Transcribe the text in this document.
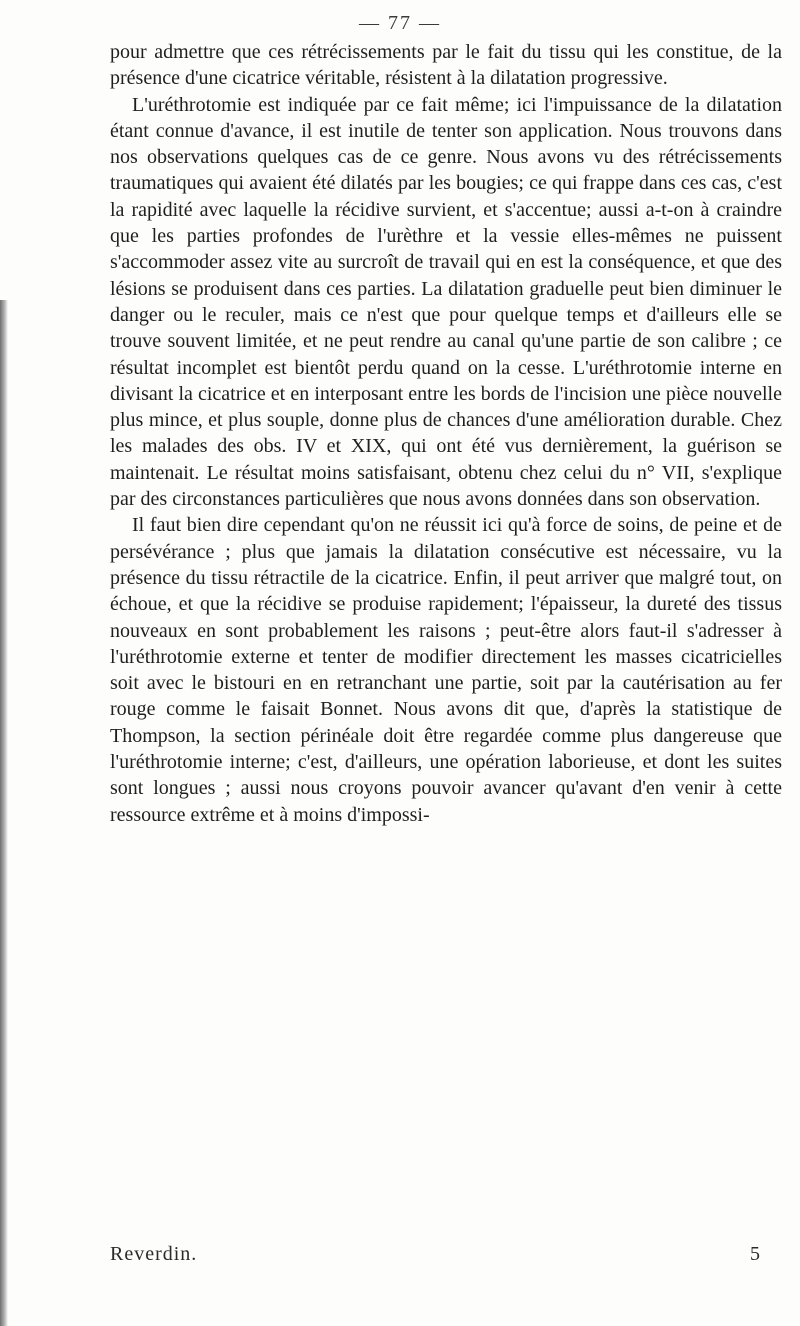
— 77 —

pour admettre que ces rétrécissements par le fait du tissu qui les constitue, de la présence d'une cicatrice véritable, résistent à la dilatation progressive.

L'uréthrotomie est indiquée par ce fait même; ici l'impuissance de la dilatation étant connue d'avance, il est inutile de tenter son application. Nous trouvons dans nos observations quelques cas de ce genre. Nous avons vu des rétrécissements traumatiques qui avaient été dilatés par les bougies; ce qui frappe dans ces cas, c'est la rapidité avec laquelle la récidive survient, et s'accentue; aussi a-t-on à craindre que les parties profondes de l'urèthre et la vessie elles-mêmes ne puissent s'accommoder assez vite au surcroît de travail qui en est la conséquence, et que des lésions se produisent dans ces parties. La dilatation graduelle peut bien diminuer le danger ou le reculer, mais ce n'est que pour quelque temps et d'ailleurs elle se trouve souvent limitée, et ne peut rendre au canal qu'une partie de son calibre ; ce résultat incomplet est bientôt perdu quand on la cesse. L'uréthrotomie interne en divisant la cicatrice et en interposant entre les bords de l'incision une pièce nouvelle plus mince, et plus souple, donne plus de chances d'une amélioration durable. Chez les malades des obs. IV et XIX, qui ont été vus dernièrement, la guérison se maintenait. Le résultat moins satisfaisant, obtenu chez celui du n° VII, s'explique par des circonstances particulières que nous avons données dans son observation.

Il faut bien dire cependant qu'on ne réussit ici qu'à force de soins, de peine et de persévérance ; plus que jamais la dilatation consécutive est nécessaire, vu la présence du tissu rétractile de la cicatrice. Enfin, il peut arriver que malgré tout, on échoue, et que la récidive se produise rapidement; l'épaisseur, la dureté des tissus nouveaux en sont probablement les raisons ; peut-être alors faut-il s'adresser à l'uréthrotomie externe et tenter de modifier directement les masses cicatricielles soit avec le bistouri en en retranchant une partie, soit par la cautérisation au fer rouge comme le faisait Bonnet. Nous avons dit que, d'après la statistique de Thompson, la section périnéale doit être regardée comme plus dangereuse que l'uréthrotomie interne; c'est, d'ailleurs, une opération laborieuse, et dont les suites sont longues ; aussi nous croyons pouvoir avancer qu'avant d'en venir à cette ressource extrême et à moins d'impossi-

Reverdin.	5
